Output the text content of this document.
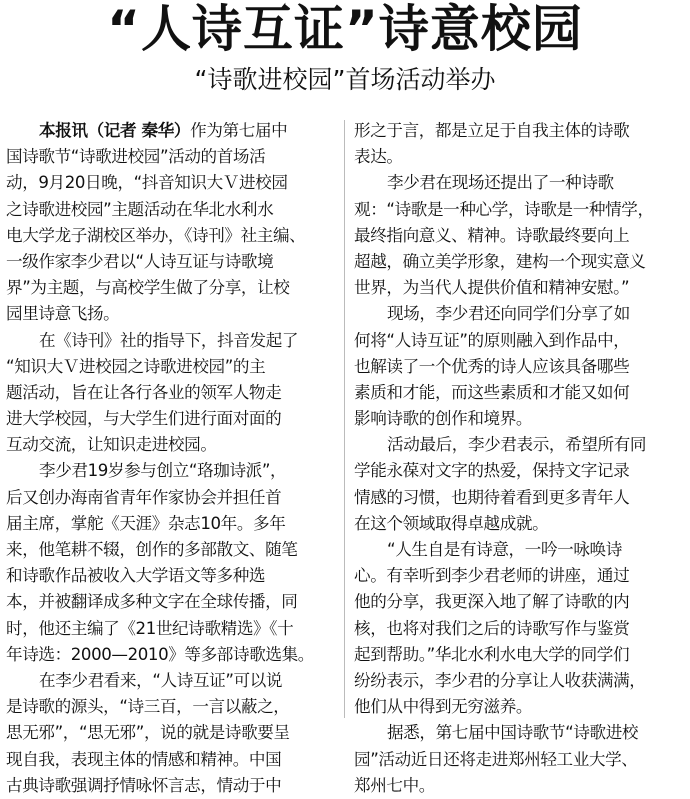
“人诗互证”诗意校园
“诗歌进校园”首场活动举办
本报讯（记者 秦华）作为第七届中
国诗歌节“诗歌进校园”活动的首场活
动，9月20日晚，“抖音知识大Ｖ进校园
之诗歌进校园”主题活动在华北水利水
电大学龙子湖校区举办，《诗刊》社主编、
一级作家李少君以“人诗互证与诗歌境
界”为主题，与高校学生做了分享，让校
园里诗意飞扬。
在《诗刊》社的指导下，抖音发起了
“知识大Ｖ进校园之诗歌进校园”的主
题活动，旨在让各行各业的领军人物走
进大学校园，与大学生们进行面对面的
互动交流，让知识走进校园。
李少君19岁参与创立“珞珈诗派”，
后又创办海南省青年作家协会并担任首
届主席，掌舵《天涯》杂志10年。多年
来，他笔耕不辍，创作的多部散文、随笔
和诗歌作品被收入大学语文等多种选
本，并被翻译成多种文字在全球传播，同
时，他还主编了《21世纪诗歌精选》《十
年诗选：2000—2010》等多部诗歌选集。
在李少君看来，“人诗互证”可以说
是诗歌的源头，“诗三百，一言以蔽之，
思无邪”，“思无邪”，说的就是诗歌要呈
现自我，表现主体的情感和精神。中国
古典诗歌强调抒情咏怀言志，情动于中
形之于言，都是立足于自我主体的诗歌
表达。
李少君在现场还提出了一种诗歌
观：“诗歌是一种心学，诗歌是一种情学，
最终指向意义、精神。诗歌最终要向上
超越，确立美学形象，建构一个现实意义
世界，为当代人提供价值和精神安慰。”
现场，李少君还向同学们分享了如
何将“人诗互证”的原则融入到作品中，
也解读了一个优秀的诗人应该具备哪些
素质和才能，而这些素质和才能又如何
影响诗歌的创作和境界。
活动最后，李少君表示，希望所有同
学能永葆对文字的热爱，保持文字记录
情感的习惯，也期待着看到更多青年人
在这个领域取得卓越成就。
“人生自是有诗意，一吟一咏唤诗
心。有幸听到李少君老师的讲座，通过
他的分享，我更深入地了解了诗歌的内
核，也将对我们之后的诗歌写作与鉴赏
起到帮助。”华北水利水电大学的同学们
纷纷表示，李少君的分享让人收获满满，
他们从中得到无穷滋养。
据悉，第七届中国诗歌节“诗歌进校
园”活动近日还将走进郑州轻工业大学、
郑州七中。
